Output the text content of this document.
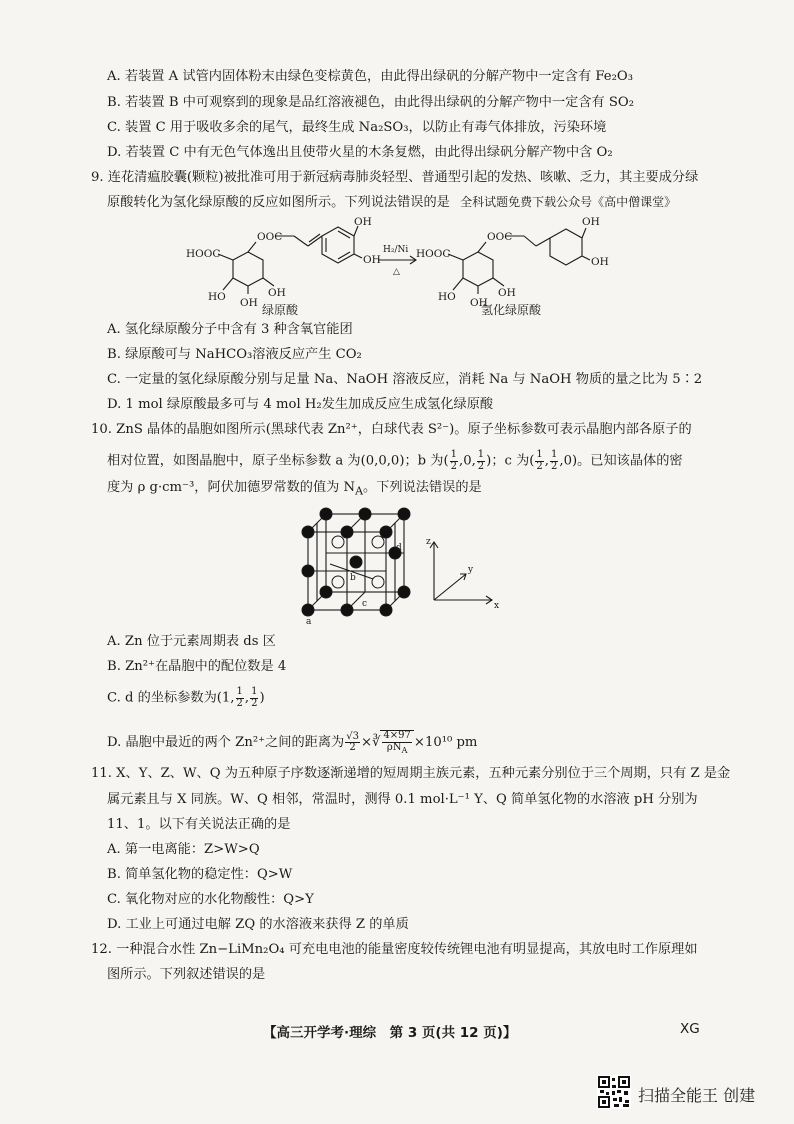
A. 若装置 A 试管内固体粉末由绿色变棕黄色，由此得出绿矾的分解产物中一定含有 Fe₂O₃
B. 若装置 B 中可观察到的现象是品红溶液褪色，由此得出绿矾的分解产物中一定含有 SO₂
C. 装置 C 用于吸收多余的尾气，最终生成 Na₂SO₃，以防止有毒气体排放，污染环境
D. 若装置 C 中有无色气体逸出且使带火星的木条复燃，由此得出绿矾分解产物中含 O₂
9. 连花清瘟胶囊(颗粒)被批准可用于新冠病毒肺炎轻型、普通型引起的发热、咳嗽、乏力，其主要成分绿
原酸转化为氢化绿原酸的反应如图所示。下列说法错误的是 全科试题免费下载公众号《高中僧课堂》
HOOC
OOC
OH
OH
HO	OH
OH
H₂/Ni
△
HOOC
OOC
OH
OH
HO	OH
OH
绿原酸	氢化绿原酸
A. 氢化绿原酸分子中含有 3 种含氧官能团
B. 绿原酸可与 NaHCO₃溶液反应产生 CO₂
C. 一定量的氢化绿原酸分别与足量 Na、NaOH 溶液反应，消耗 Na 与 NaOH 物质的量之比为 5∶2
D. 1 mol 绿原酸最多可与 4 mol H₂发生加成反应生成氢化绿原酸
10. ZnS 晶体的晶胞如图所示(黑球代表 Zn²⁺，白球代表 S²⁻)。原子坐标参数可表示晶胞内部各原子的
相对位置，如图晶胞中，原子坐标参数 a 为(0,0,0)；b 为( $\frac{1}{2} ,0$, $\frac{1}{2}$ )；c 为( $\frac{1}{2}$ , $\frac{1}{2} ,0$)。已知该晶体的密
度为 ρ g·cm⁻³，阿伏加德罗常数的值为 $N_A$。下列说法错误的是
a
b
c
d
z
y
x
A. Zn 位于元素周期表 ds 区
B. Zn²⁺在晶胞中的配位数是 4
C. d 的坐标参数为(1, $\frac{1}{2}$ , $\frac{1}{2}$ )
D. 晶胞中最近的两个 Zn²⁺之间的距离为 $\frac{√3}{2}$ ×∛ $\frac{4\times 97}{\rho N_A} \times 10^{10}$ pm
11. X、Y、Z、W、Q 为五种原子序数逐渐递增的短周期主族元素，五种元素分别位于三个周期，只有 Z 是金
属元素且与 X 同族。W、Q 相邻，常温时，测得 0.1 mol·L⁻¹ Y、Q 简单氢化物的水溶液 pH 分别为
11、1。以下有关说法正确的是
A. 第一电离能：Z>W>Q
B. 简单氢化物的稳定性：Q>W
C. 氧化物对应的水化物酸性：Q>Y
D. 工业上可通过电解 ZQ 的水溶液来获得 Z 的单质
12. 一种混合水性 Zn−LiMn₂O₄ 可充电电池的能量密度较传统锂电池有明显提高，其放电时工作原理如
图所示。下列叙述错误的是
【高三开学考·理综　第 3 页(共 12 页)】	XG
扫描全能王 创建
